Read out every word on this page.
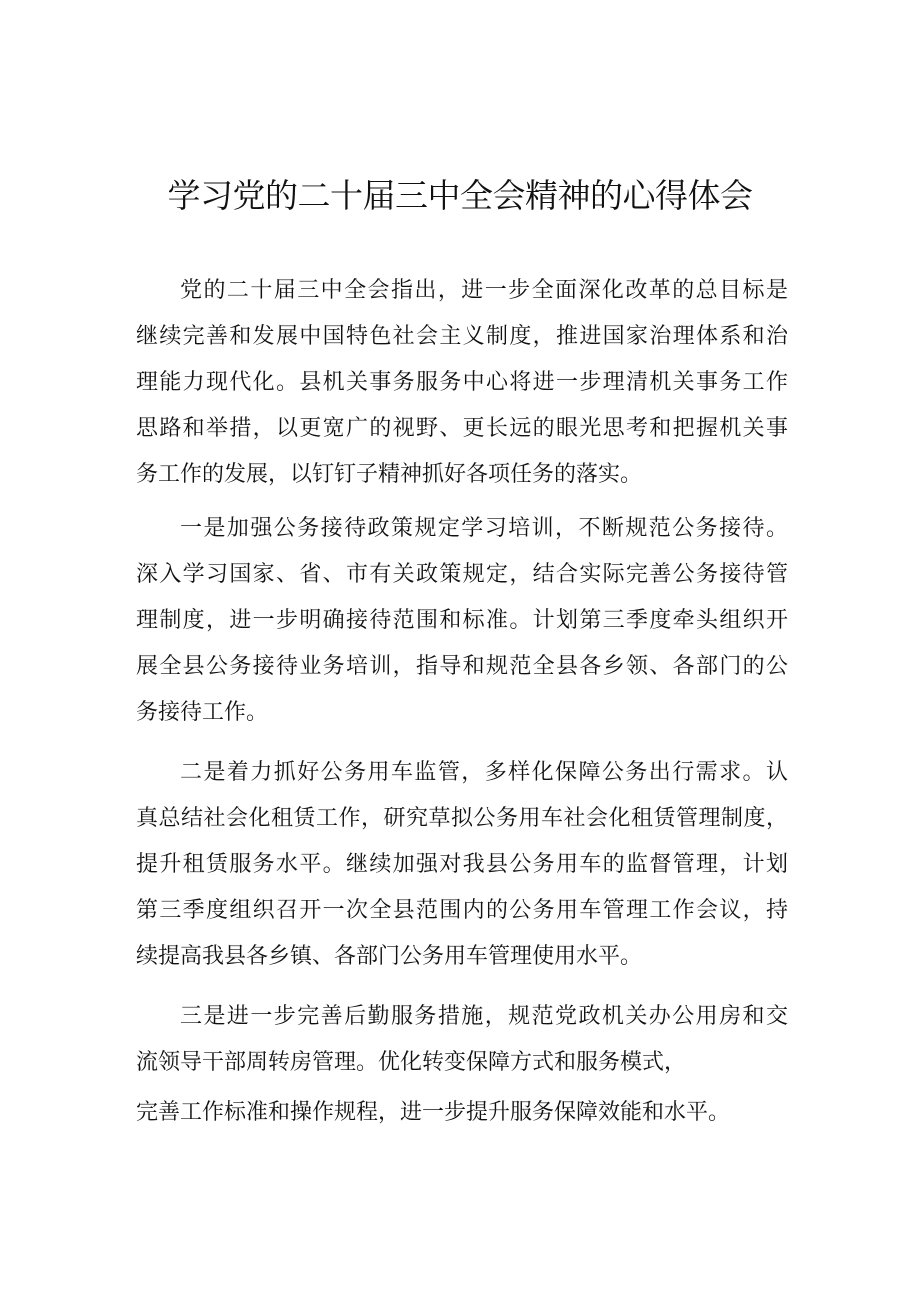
学习党的二十届三中全会精神的心得体会
党的二十届三中全会指出，进一步全面深化改革的总目标是
继续完善和发展中国特色社会主义制度，推进国家治理体系和治
理能力现代化。县机关事务服务中心将进一步理清机关事务工作
思路和举措，以更宽广的视野、更长远的眼光思考和把握机关事
务工作的发展，以钉钉子精神抓好各项任务的落实。
一是加强公务接待政策规定学习培训，不断规范公务接待。
深入学习国家、省、市有关政策规定，结合实际完善公务接待管
理制度，进一步明确接待范围和标准。计划第三季度牵头组织开
展全县公务接待业务培训，指导和规范全县各乡领、各部门的公
务接待工作。
二是着力抓好公务用车监管，多样化保障公务出行需求。认
真总结社会化租赁工作，研究草拟公务用车社会化租赁管理制度，
提升租赁服务水平。继续加强对我县公务用车的监督管理，计划
第三季度组织召开一次全县范围内的公务用车管理工作会议，持
续提高我县各乡镇、各部门公务用车管理使用水平。
三是进一步完善后勤服务措施，规范党政机关办公用房和交
流领导干部周转房管理。优化转变保障方式和服务模式，
完善工作标准和操作规程，进一步提升服务保障效能和水平。
